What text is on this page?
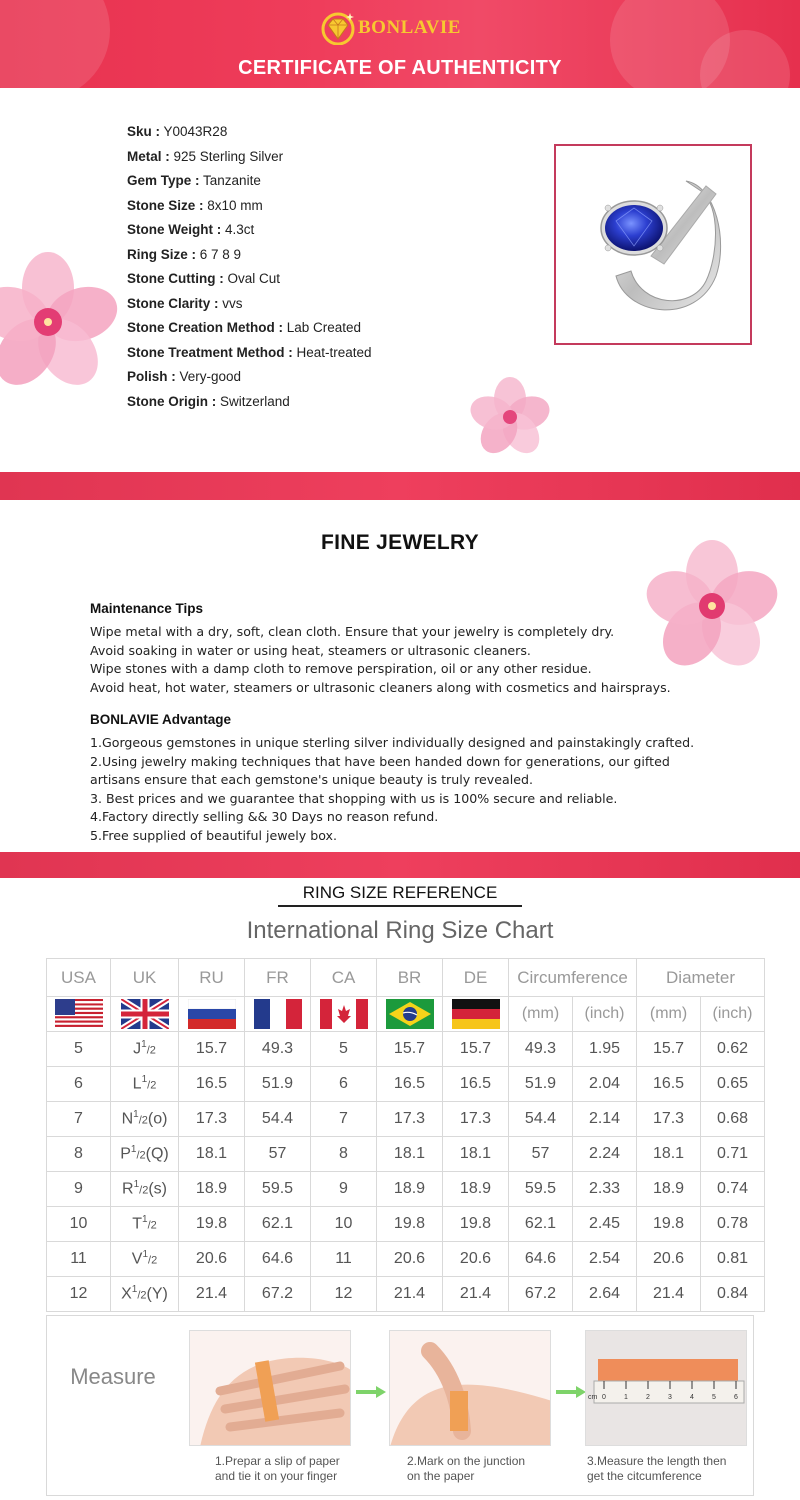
BONLAVIE
CERTIFICATE OF AUTHENTICITY
Sku : Y0043R28
Metal : 925 Sterling Silver
Gem Type : Tanzanite
Stone Size : 8x10 mm
Stone Weight : 4.3ct
Ring Size : 6 7 8 9
Stone Cutting : Oval Cut
Stone Clarity : vvs
Stone Creation Method : Lab Created
Stone Treatment Method : Heat-treated
Polish : Very-good
Stone Origin : Switzerland
FINE JEWELRY
Maintenance Tips
Wipe metal with a dry, soft, clean cloth. Ensure that your jewelry is completely dry.
Avoid soaking in water or using heat, steamers or ultrasonic cleaners.
Wipe stones with a damp cloth to remove perspiration, oil or any other residue.
Avoid heat, hot water, steamers or ultrasonic cleaners along with cosmetics and hairsprays.
BONLAVIE Advantage
1.Gorgeous gemstones in unique sterling silver individually designed and painstakingly crafted.
2.Using jewelry making techniques that have been handed down for generations, our gifted
artisans ensure that each gemstone's unique beauty is truly revealed.
3. Best prices and we guarantee that shopping with us is 100% secure and reliable.
4.Factory directly selling && 30 Days no reason refund.
5.Free supplied of beautiful jewely box.
RING SIZE REFERENCE
International Ring Size Chart
USA	UK	RU	FR	CA	BR	DE	Circumference		Diameter	
							(mm)	(inch)	(mm)	(inch)
5	$J^1/2$	15.7	49.3	5	15.7	15.7	49.3	1.95	15.7	0.62
6	$L^1/2$	16.5	51.9	6	16.5	16.5	51.9	2.04	16.5	0.65
7	$N^1/2(o)$	17.3	54.4	7	17.3	17.3	54.4	2.14	17.3	0.68
8	$P^1/2(Q)$	18.1	57	8	18.1	18.1	57	2.24	18.1	0.71
9	$R^1/2(s)$	18.9	59.5	9	18.9	18.9	59.5	2.33	18.9	0.74
10	$T^1/2$	19.8	62.1	10	19.8	19.8	62.1	2.45	19.8	0.78
11	$V^1/2$	20.6	64.6	11	20.6	20.6	64.6	2.54	20.6	0.81
12	$X^1/2(Y)$	21.4	67.2	12	21.4	21.4	67.2	2.64	21.4	0.84
Measure
cm 0	1	2	3	4	5	6
1.Prepar a slip of paper
and tie it on your finger
2.Mark on the junction
on the paper
3.Measure the length then
get the citcumference
